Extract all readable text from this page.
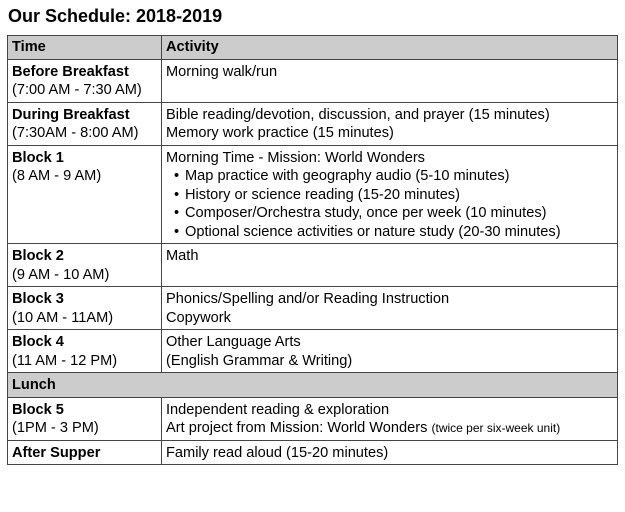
Our Schedule: 2018-2019
Time	Activity

Before Breakfast
(7:00 AM - 7:30 AM)	Morning walk/run

During Breakfast
(7:30AM - 8:00 AM)	Bible reading/devotion, discussion, and prayer (15 minutes)
Memory work practice (15 minutes)

Block 1
(8 AM - 9 AM)	Morning Time - Mission: World Wonders
• Map practice with geography audio (5-10 minutes)
• History or science reading (15-20 minutes)
• Composer/Orchestra study, once per week (10 minutes)
• Optional science activities or nature study (20-30 minutes)

Block 2
(9 AM - 10 AM)	Math

Block 3
(10 AM - 11AM)	Phonics/Spelling and/or Reading Instruction
Copywork

Block 4
(11 AM - 12 PM)	Other Language Arts
(English Grammar & Writing)

Lunch	

Block 5
(1PM - 3 PM)	Independent reading & exploration
Art project from Mission: World Wonders (twice per six-week unit)

After Supper	Family read aloud (15-20 minutes)
